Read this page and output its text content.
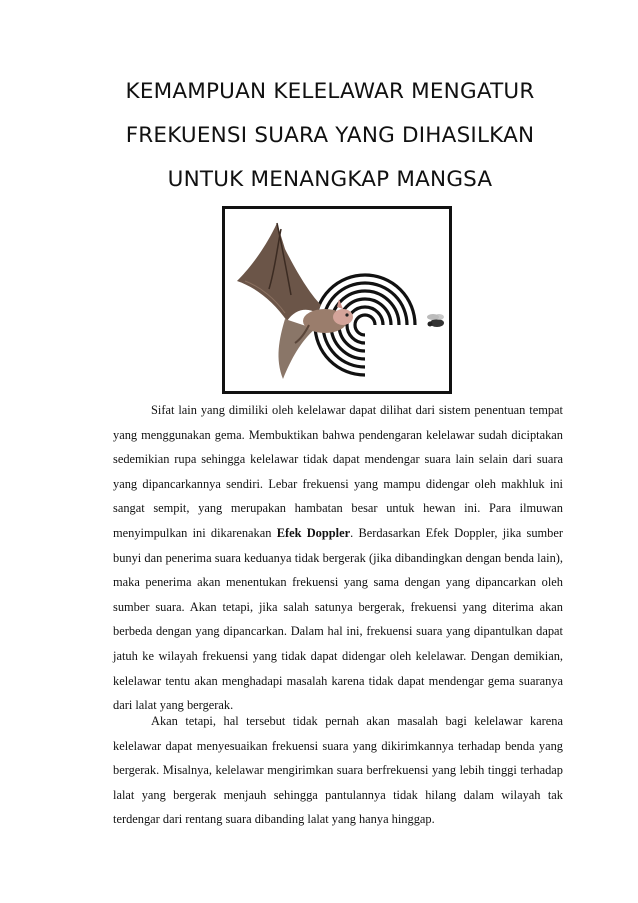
KEMAMPUAN KELELAWAR MENGATUR
FREKUENSI SUARA YANG DIHASILKAN
UNTUK MENANGKAP MANGSA
Sifat lain yang dimiliki oleh kelelawar dapat dilihat dari sistem penentuan tempat yang menggunakan gema. Membuktikan bahwa pendengaran kelelawar sudah diciptakan sedemikian rupa sehingga kelelawar tidak dapat mendengar suara lain selain dari suara yang dipancarkannya sendiri. Lebar frekuensi yang mampu didengar oleh makhluk ini sangat sempit, yang merupakan hambatan besar untuk hewan ini. Para ilmuwan menyimpulkan ini dikarenakan Efek Doppler. Berdasarkan Efek Doppler, jika sumber bunyi dan penerima suara keduanya tidak bergerak (jika dibandingkan dengan benda lain), maka penerima akan menentukan frekuensi yang sama dengan yang dipancarkan oleh sumber suara. Akan tetapi, jika salah satunya bergerak, frekuensi yang diterima akan berbeda dengan yang dipancarkan. Dalam hal ini, frekuensi suara yang dipantulkan dapat jatuh ke wilayah frekuensi yang tidak dapat didengar oleh kelelawar. Dengan demikian, kelelawar tentu akan menghadapi masalah karena tidak dapat mendengar gema suaranya dari lalat yang bergerak.
Akan tetapi, hal tersebut tidak pernah akan masalah bagi kelelawar karena kelelawar dapat menyesuaikan frekuensi suara yang dikirimkannya terhadap benda yang bergerak. Misalnya, kelelawar mengirimkan suara berfrekuensi yang lebih tinggi terhadap lalat yang bergerak menjauh sehingga pantulannya tidak hilang dalam wilayah tak terdengar dari rentang suara dibanding lalat yang hanya hinggap.
